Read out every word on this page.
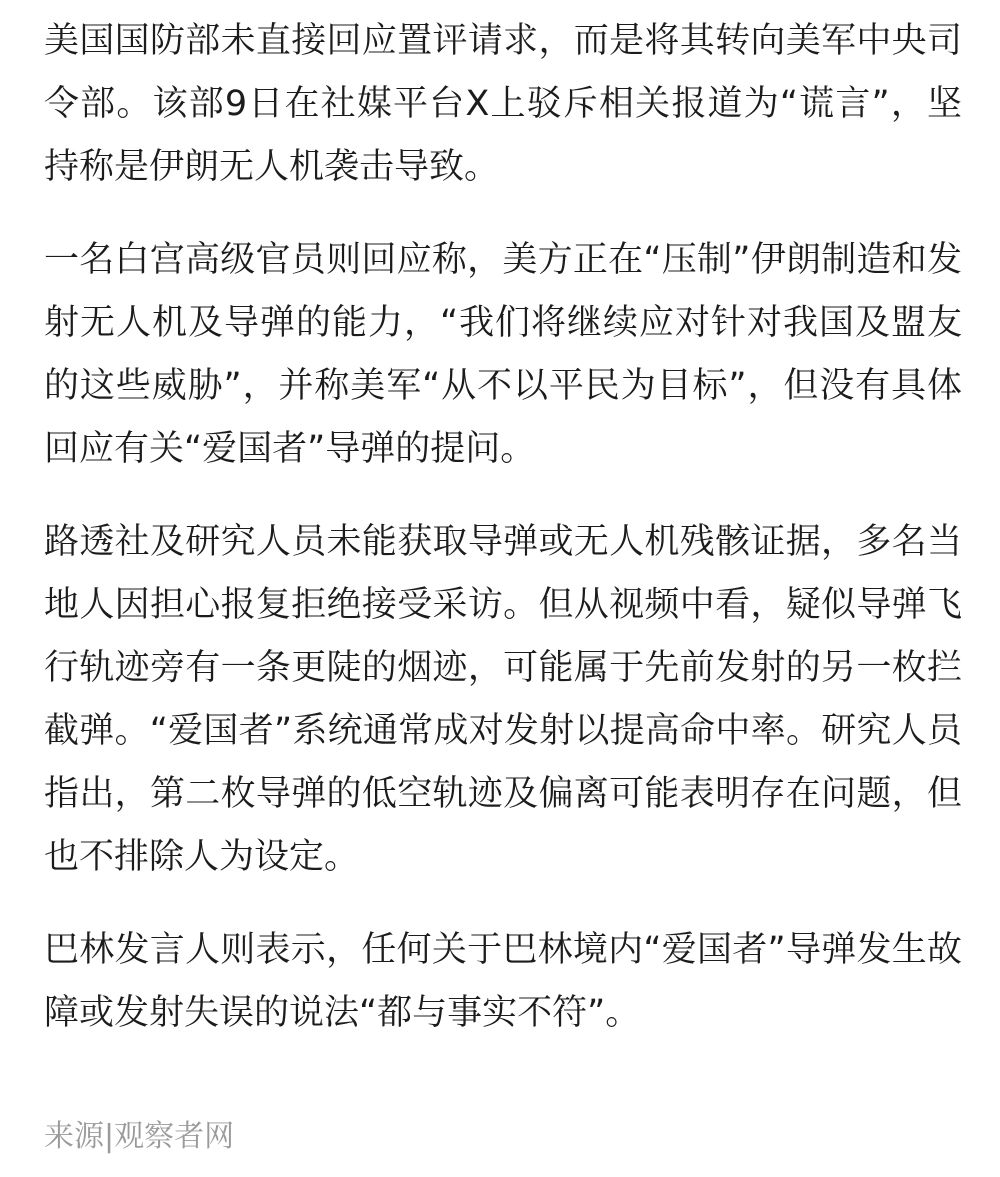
美国国防部未直接回应置评请求，而是将其转向美军中央司令部。该部9日在社媒平台X上驳斥相关报道为“谎言”，坚持称是伊朗无人机袭击导致。

一名白宫高级官员则回应称，美方正在“压制”伊朗制造和发射无人机及导弹的能力，“我们将继续应对针对我国及盟友的这些威胁”，并称美军“从不以平民为目标”，但没有具体回应有关“爱国者”导弹的提问。

路透社及研究人员未能获取导弹或无人机残骸证据，多名当地人因担心报复拒绝接受采访。但从视频中看，疑似导弹飞行轨迹旁有一条更陡的烟迹，可能属于先前发射的另一枚拦截弹。“爱国者”系统通常成对发射以提高命中率。研究人员指出，第二枚导弹的低空轨迹及偏离可能表明存在问题，但也不排除人为设定。

巴林发言人则表示，任何关于巴林境内“爱国者”导弹发生故障或发射失误的说法“都与事实不符”。

来源|观察者网
